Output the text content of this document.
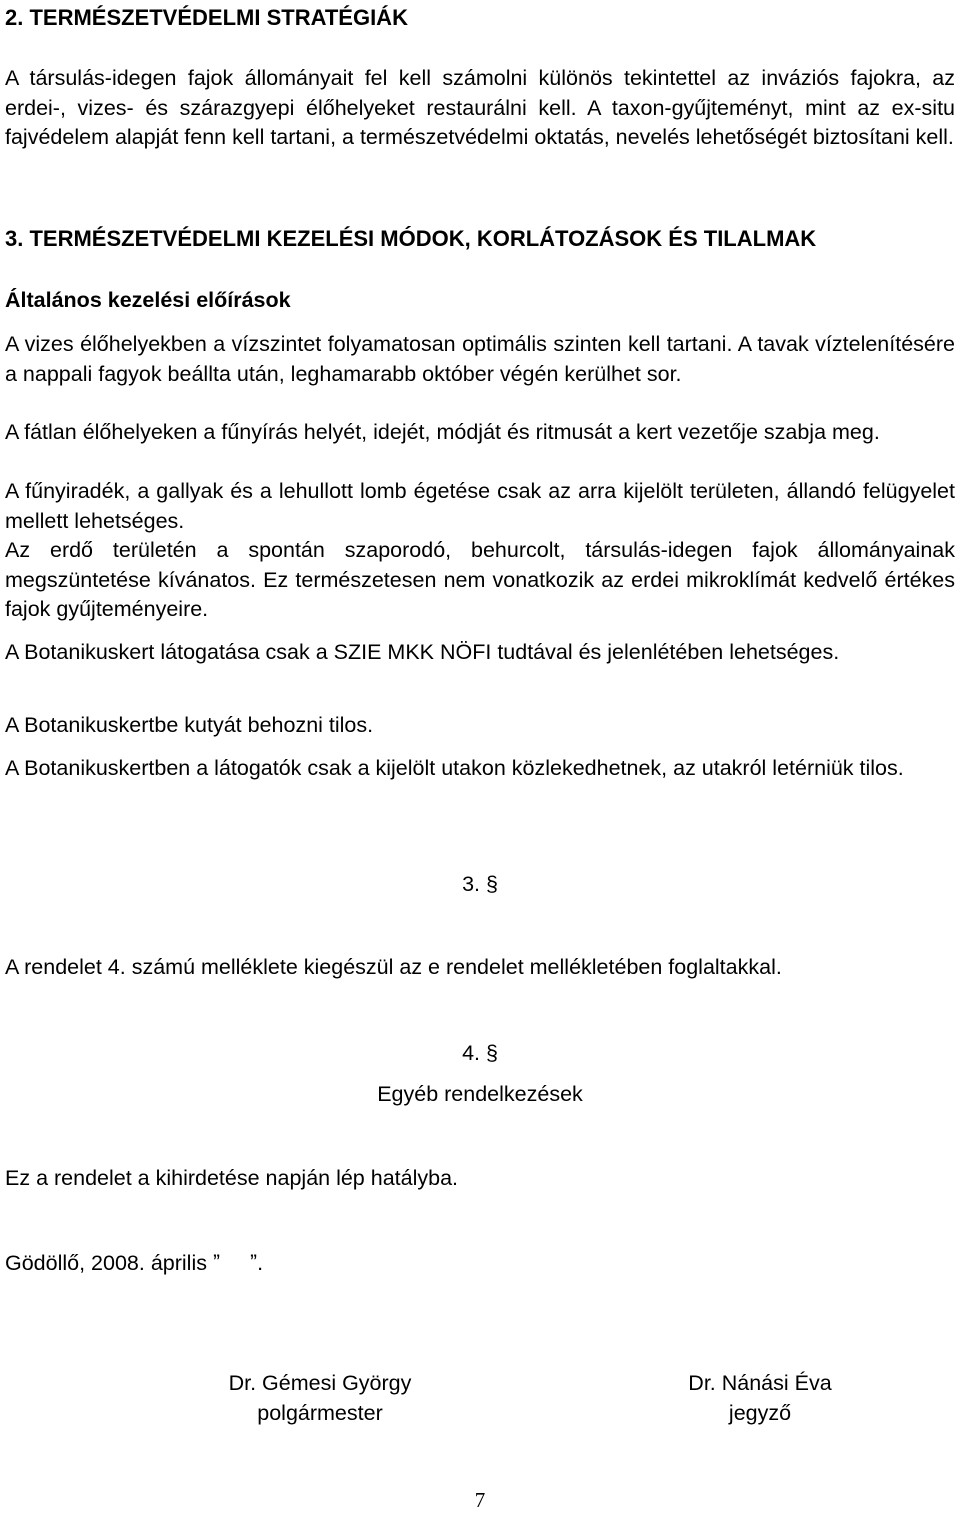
2. TERMÉSZETVÉDELMI STRATÉGIÁK
A társulás-idegen fajok állományait fel kell számolni különös tekintettel az inváziós fajokra, az erdei-, vizes- és szárazgyepi élőhelyeket restaurálni kell. A taxon-gyűjteményt, mint az ex-situ fajvédelem alapját fenn kell tartani, a természetvédelmi oktatás, nevelés lehetőségét biztosítani kell.
3. TERMÉSZETVÉDELMI KEZELÉSI MÓDOK, KORLÁTOZÁSOK ÉS TILALMAK
Általános kezelési előírások
A vizes élőhelyekben a vízszintet folyamatosan optimális szinten kell tartani. A tavak víztelenítésére a nappali fagyok beállta után, leghamarabb október végén kerülhet sor.
A fátlan élőhelyeken a fűnyírás helyét, idejét, módját és ritmusát a kert vezetője szabja meg.
A fűnyiradék, a gallyak és a lehullott lomb égetése csak az arra kijelölt területen, állandó felügyelet mellett lehetséges.
Az erdő területén a spontán szaporodó, behurcolt, társulás-idegen fajok állományainak megszüntetése kívánatos. Ez természetesen nem vonatkozik az erdei mikroklímát kedvelő értékes fajok gyűjteményeire.
A Botanikuskert látogatása csak a SZIE MKK NÖFI tudtával és jelenlétében lehetséges.
A Botanikuskertbe kutyát behozni tilos.
A Botanikuskertben a látogatók csak a kijelölt utakon közlekedhetnek, az utakról letérniük tilos.
3. §
A rendelet 4. számú melléklete kiegészül az e rendelet mellékletében foglaltakkal.
4. §
Egyéb rendelkezések
Ez a rendelet a kihirdetése napján lép hatályba.
Gödöllő, 2008. április ˮ     ˮ.
Dr. Gémesi György
polgármester
Dr. Nánási Éva
jegyző
7
